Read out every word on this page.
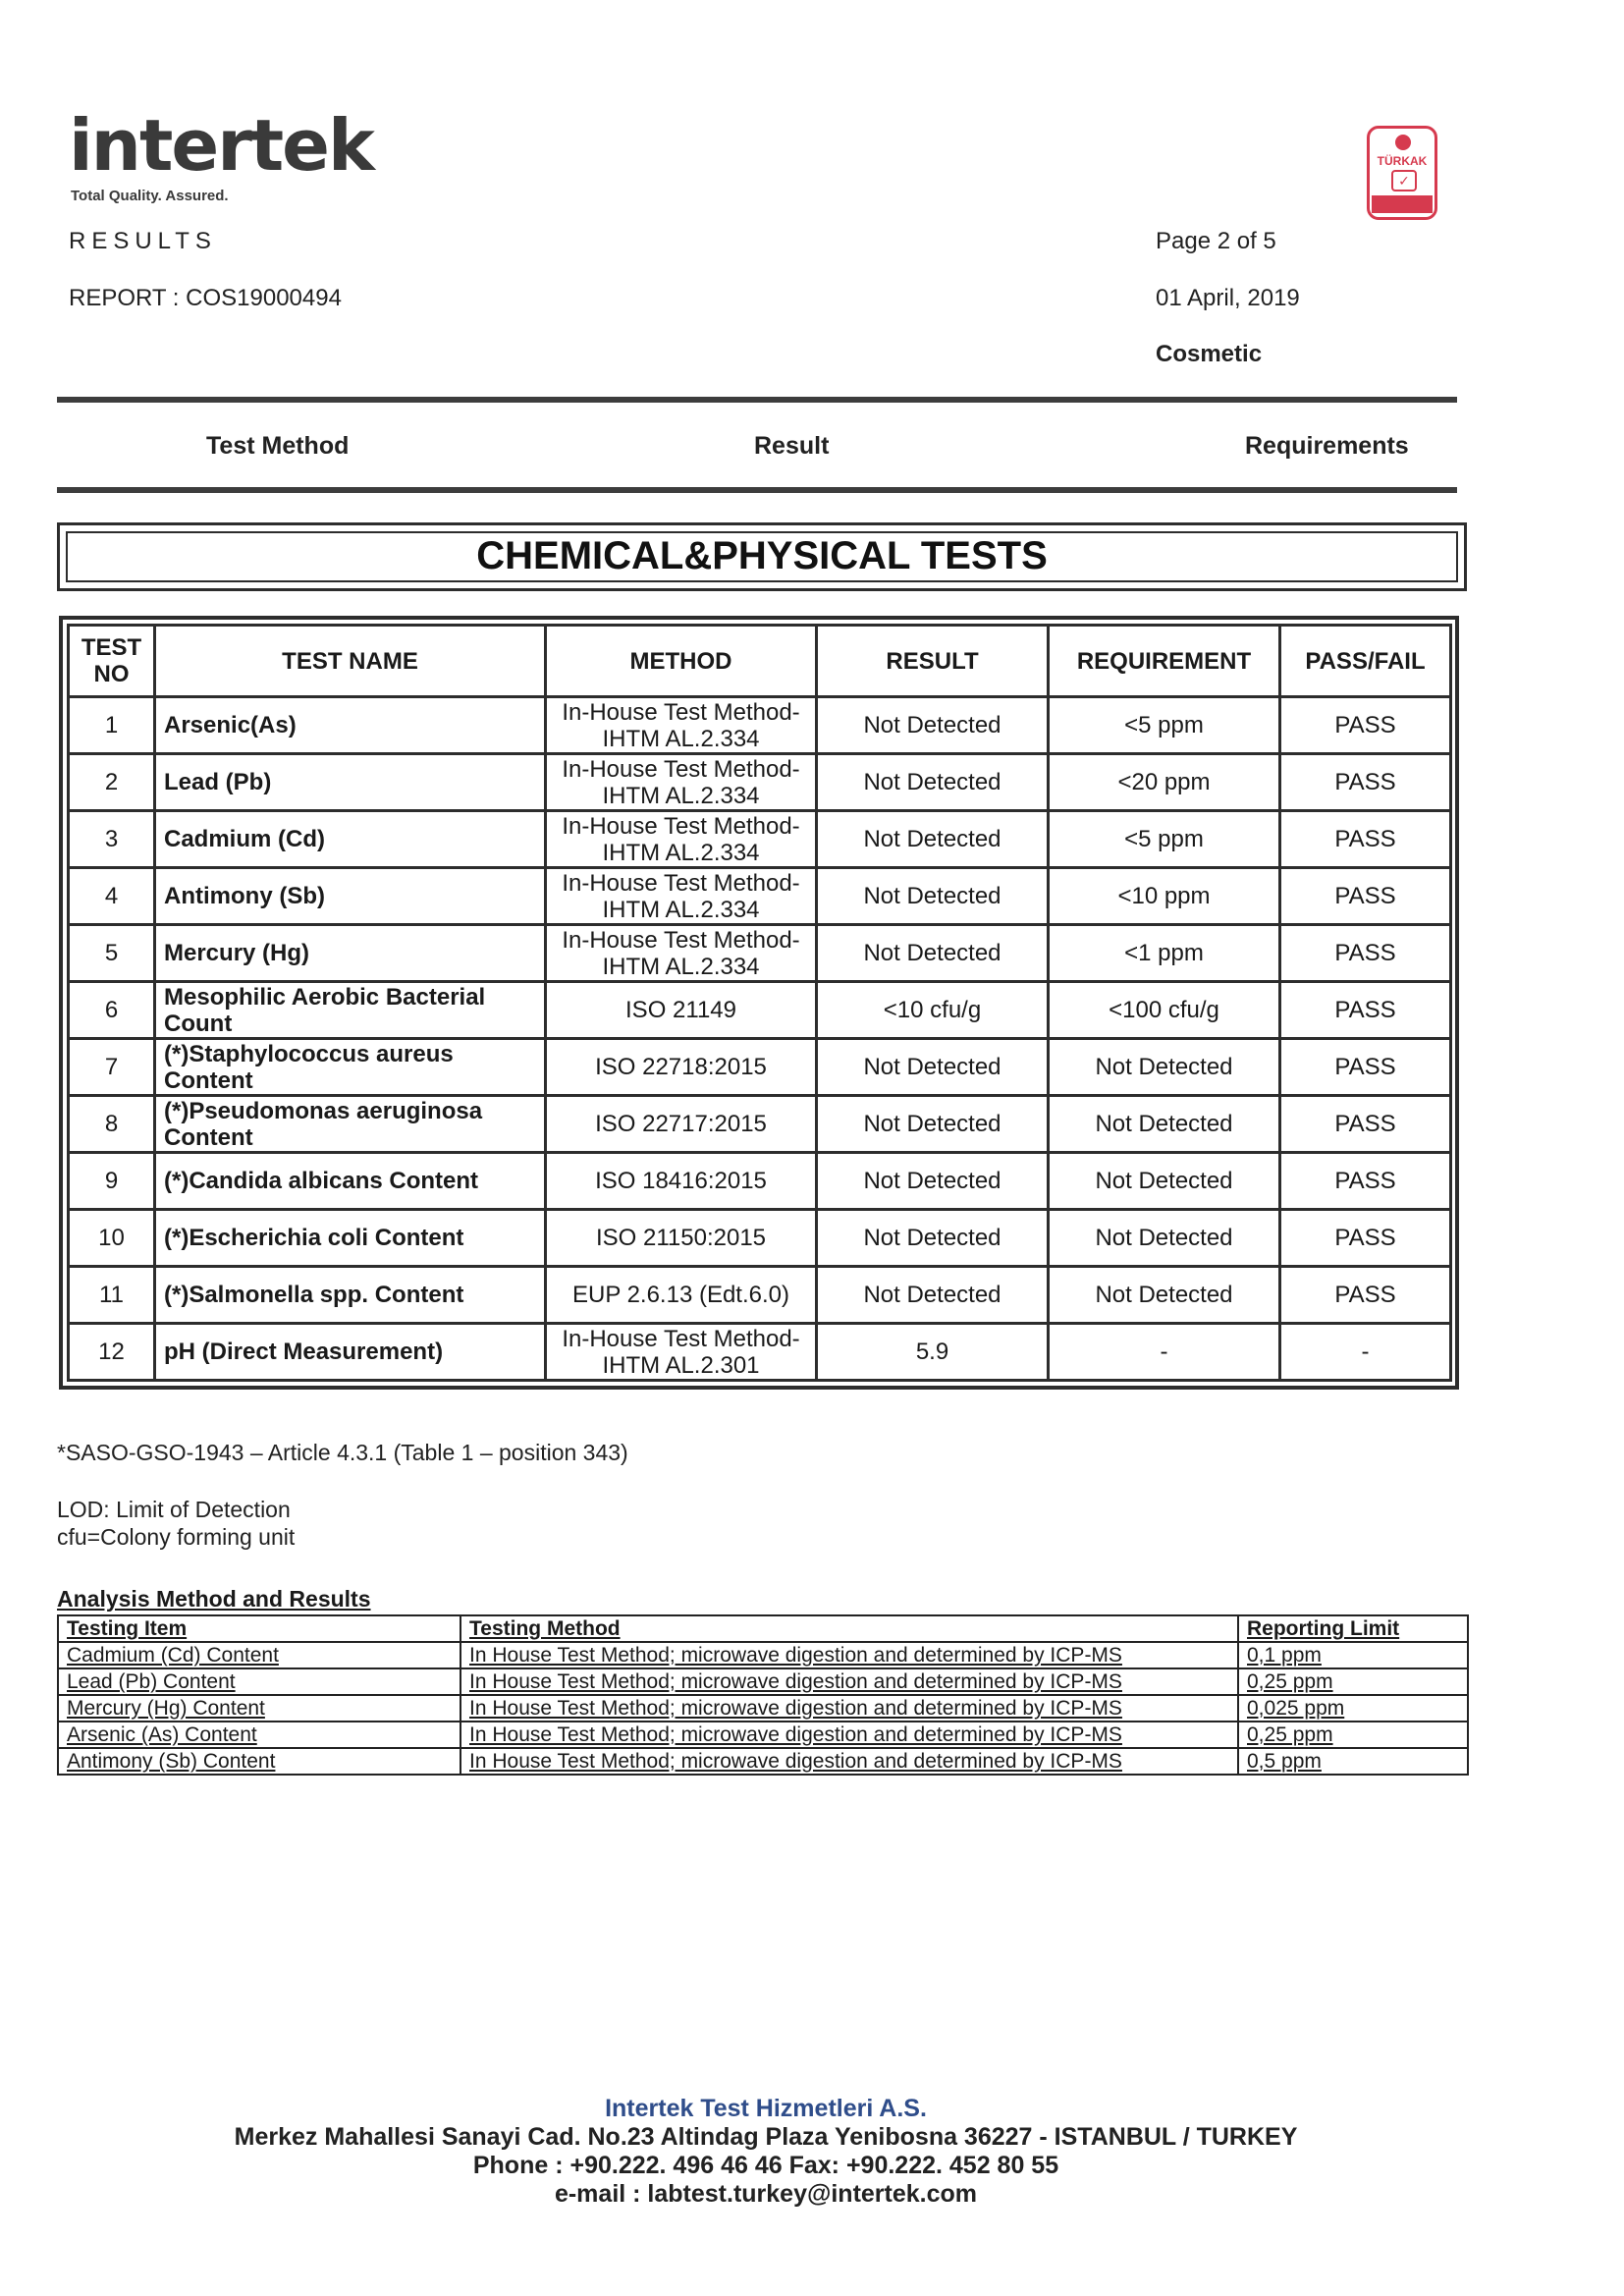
intertek
Total Quality. Assured.
TÜRKAK
✓
RESULTS
REPORT : COS19000494
Page 2 of 5
01 April, 2019
Cosmetic
Test Method	Result	Requirements
CHEMICAL&PHYSICAL TESTS
TEST NO	TEST NAME	METHOD	RESULT	REQUIREMENT	PASS/FAIL
1	Arsenic(As)	In-House Test Method-IHTM AL.2.334	Not Detected	<5 ppm	PASS
2	Lead (Pb)	In-House Test Method-IHTM AL.2.334	Not Detected	<20 ppm	PASS
3	Cadmium (Cd)	In-House Test Method-IHTM AL.2.334	Not Detected	<5 ppm	PASS
4	Antimony (Sb)	In-House Test Method-IHTM AL.2.334	Not Detected	<10 ppm	PASS
5	Mercury (Hg)	In-House Test Method-IHTM AL.2.334	Not Detected	<1 ppm	PASS
6	Mesophilic Aerobic Bacterial Count	ISO 21149	<10 cfu/g	<100 cfu/g	PASS
7	(*)Staphylococcus aureus Content	ISO 22718:2015	Not Detected	Not Detected	PASS
8	(*)Pseudomonas aeruginosa Content	ISO 22717:2015	Not Detected	Not Detected	PASS
9	(*)Candida albicans Content	ISO 18416:2015	Not Detected	Not Detected	PASS
10	(*)Escherichia coli Content	ISO 21150:2015	Not Detected	Not Detected	PASS
11	(*)Salmonella spp. Content	EUP 2.6.13 (Edt.6.0)	Not Detected	Not Detected	PASS
12	pH (Direct Measurement)	In-House Test Method-IHTM AL.2.301	5.9	-	-
*SASO-GSO-1943 – Article 4.3.1 (Table 1 – position 343)
LOD: Limit of Detection
cfu=Colony forming unit
Analysis Method and Results
Testing Item	Testing Method	Reporting Limit
Cadmium (Cd) Content	In House Test Method; microwave digestion and determined by ICP-MS	0,1 ppm
Lead (Pb) Content	In House Test Method; microwave digestion and determined by ICP-MS	0,25 ppm
Mercury (Hg) Content	In House Test Method; microwave digestion and determined by ICP-MS	0,025 ppm
Arsenic (As) Content	In House Test Method; microwave digestion and determined by ICP-MS	0,25 ppm
Antimony (Sb) Content	In House Test Method; microwave digestion and determined by ICP-MS	0,5 ppm
Intertek Test Hizmetleri A.S.
Merkez Mahallesi Sanayi Cad. No.23 Altindag Plaza Yenibosna 36227 - ISTANBUL / TURKEY
Phone : +90.222. 496 46 46 Fax: +90.222. 452 80 55
e-mail : labtest.turkey@intertek.com
